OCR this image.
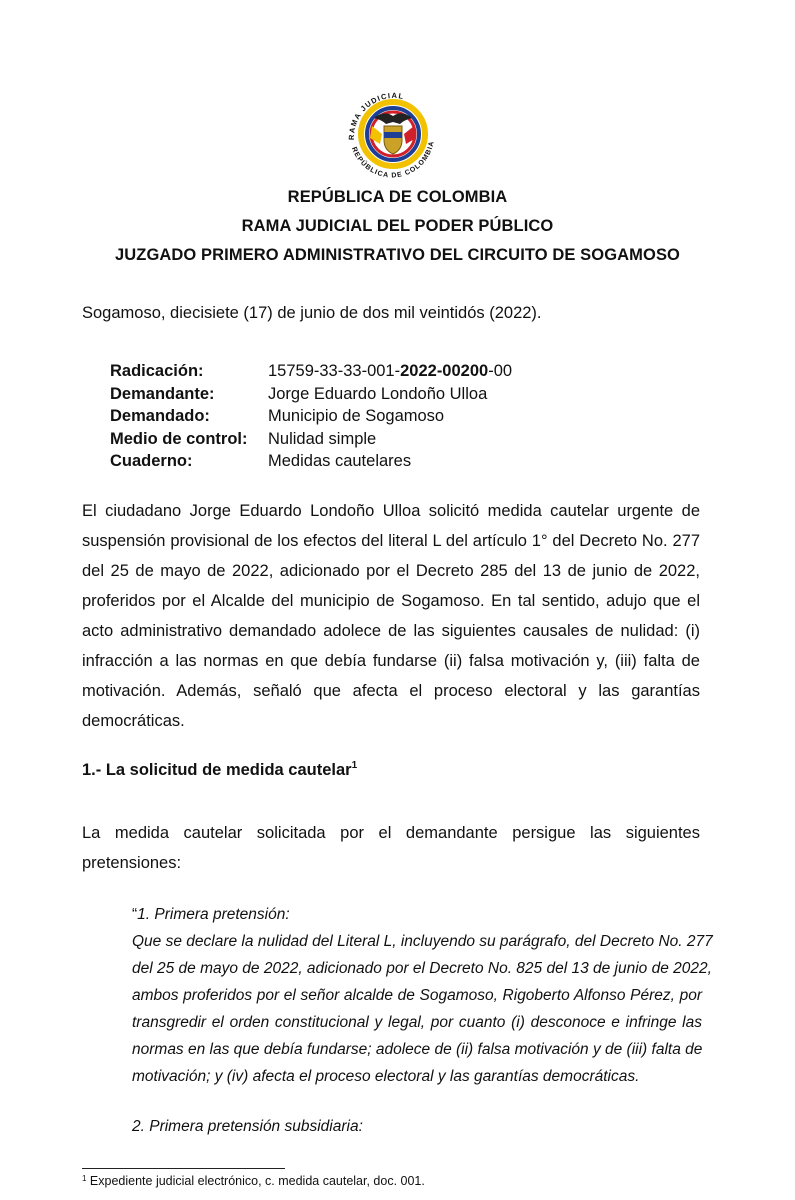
RAMA JUDICIAL
REPÚBLICA DE COLOMBIA
REPÚBLICA DE COLOMBIA
RAMA JUDICIAL DEL PODER PÚBLICO
JUZGADO PRIMERO ADMINISTRATIVO DEL CIRCUITO DE SOGAMOSO
Sogamoso, diecisiete (17) de junio de dos mil veintidós (2022).
Radicación:	15759-33-33-001-2022-00200-00
Demandante:	Jorge Eduardo Londoño Ulloa
Demandado:	Municipio de Sogamoso
Medio de control:	Nulidad simple
Cuaderno:	Medidas cautelares
El ciudadano Jorge Eduardo Londoño Ulloa solicitó medida cautelar urgente de
suspensión provisional de los efectos del literal L del artículo 1° del Decreto No. 277
del 25 de mayo de 2022, adicionado por el Decreto 285 del 13 de junio de 2022,
proferidos por el Alcalde del municipio de Sogamoso. En tal sentido, adujo que el
acto administrativo demandado adolece de las siguientes causales de nulidad: (i)
infracción a las normas en que debía fundarse (ii) falsa motivación y, (iii) falta de
motivación. Además, señaló que afecta el proceso electoral y las garantías
democráticas.
1.- La solicitud de medida cautelar$^1$
La medida cautelar solicitada por el demandante persigue las siguientes
pretensiones:
“1. Primera pretensión:
Que se declare la nulidad del Literal L, incluyendo su parágrafo, del Decreto No. 277
del 25 de mayo de 2022, adicionado por el Decreto No. 825 del 13 de junio de 2022,
ambos proferidos por el señor alcalde de Sogamoso, Rigoberto Alfonso Pérez, por
transgredir el orden constitucional y legal, por cuanto (i) desconoce e infringe las
normas en las que debía fundarse; adolece de (ii) falsa motivación y de (iii) falta de
motivación; y (iv) afecta el proceso electoral y las garantías democráticas.
2. Primera pretensión subsidiaria:
$^1$ Expediente judicial electrónico, c. medida cautelar, doc. 001.
